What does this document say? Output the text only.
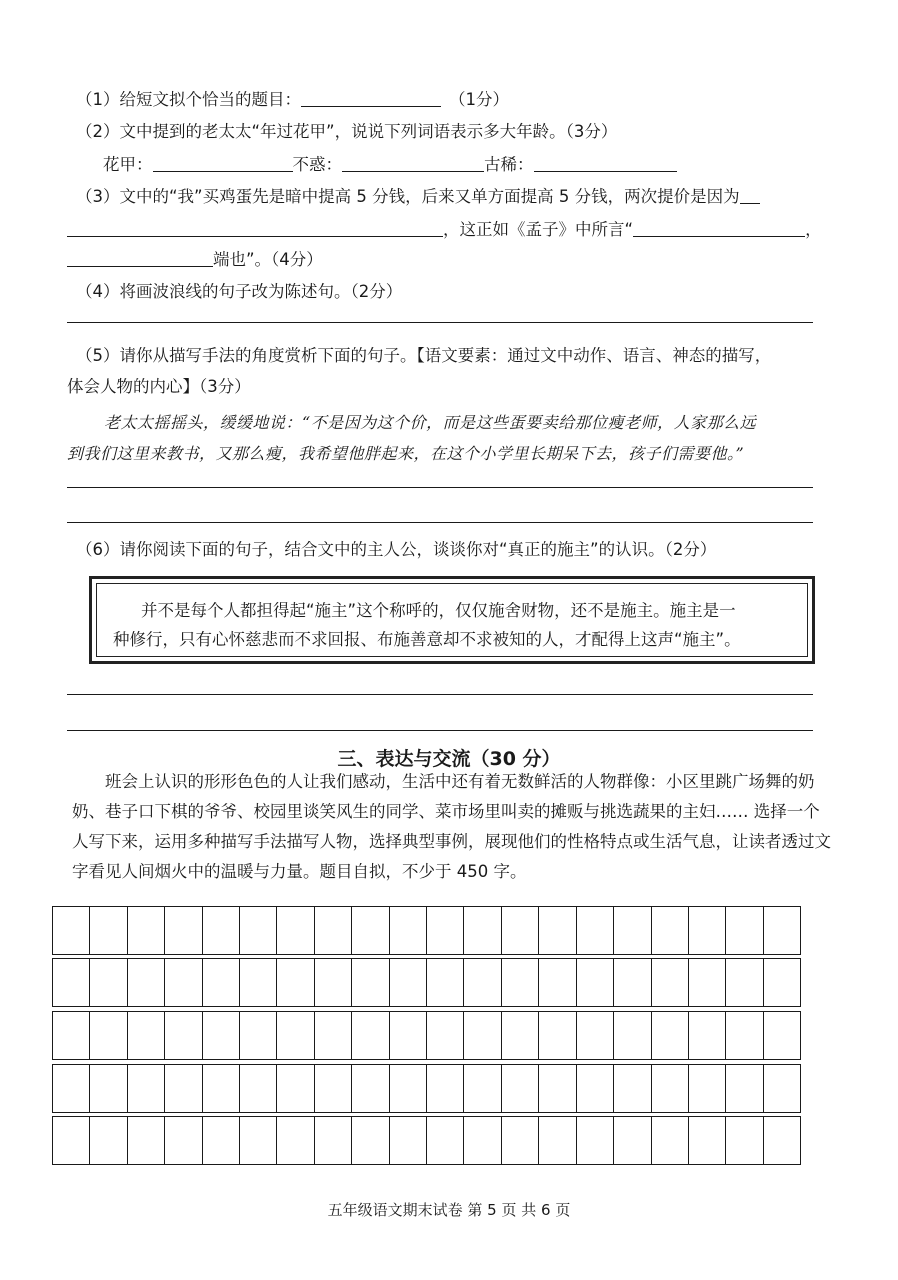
（1）给短文拟个恰当的题目：	（1分）
（2）文中提到的老太太“年过花甲”，说说下列词语表示多大年龄。（3分）
花甲：	不惑：	古稀：
（3）文中的“我”买鸡蛋先是暗中提高 5 分钱，后来又单方面提高 5 分钱，两次提价是因为
，这正如《孟子》中所言“	，
端也”。（4分）
（4）将画波浪线的句子改为陈述句。（2分）
（5）请你从描写手法的角度赏析下面的句子。【语文要素：通过文中动作、语言、神态的描写，
体会人物的内心】（3分）
老太太摇摇头，缓缓地说：“不是因为这个价，而是这些蛋要卖给那位瘦老师，人家那么远
到我们这里来教书，又那么瘦，我希望他胖起来，在这个小学里长期呆下去，孩子们需要他。”
（6）请你阅读下面的句子，结合文中的主人公，谈谈你对“真正的施主”的认识。（2分）
并不是每个人都担得起“施主”这个称呼的，仅仅施舍财物，还不是施主。施主是一
种修行，只有心怀慈悲而不求回报、布施善意却不求被知的人，才配得上这声“施主”。
三、表达与交流（30 分）
班会上认识的形形色色的人让我们感动，生活中还有着无数鲜活的人物群像：小区里跳广场舞的奶奶、巷子口下棋的爷爷、校园里谈笑风生的同学、菜市场里叫卖的摊贩与挑选蔬果的主妇…… 选择一个人写下来，运用多种描写手法描写人物，选择典型事例，展现他们的性格特点或生活气息，让读者透过文字看见人间烟火中的温暖与力量。题目自拟，不少于 450 字。
五年级语文期末试卷 第 5 页 共 6 页
